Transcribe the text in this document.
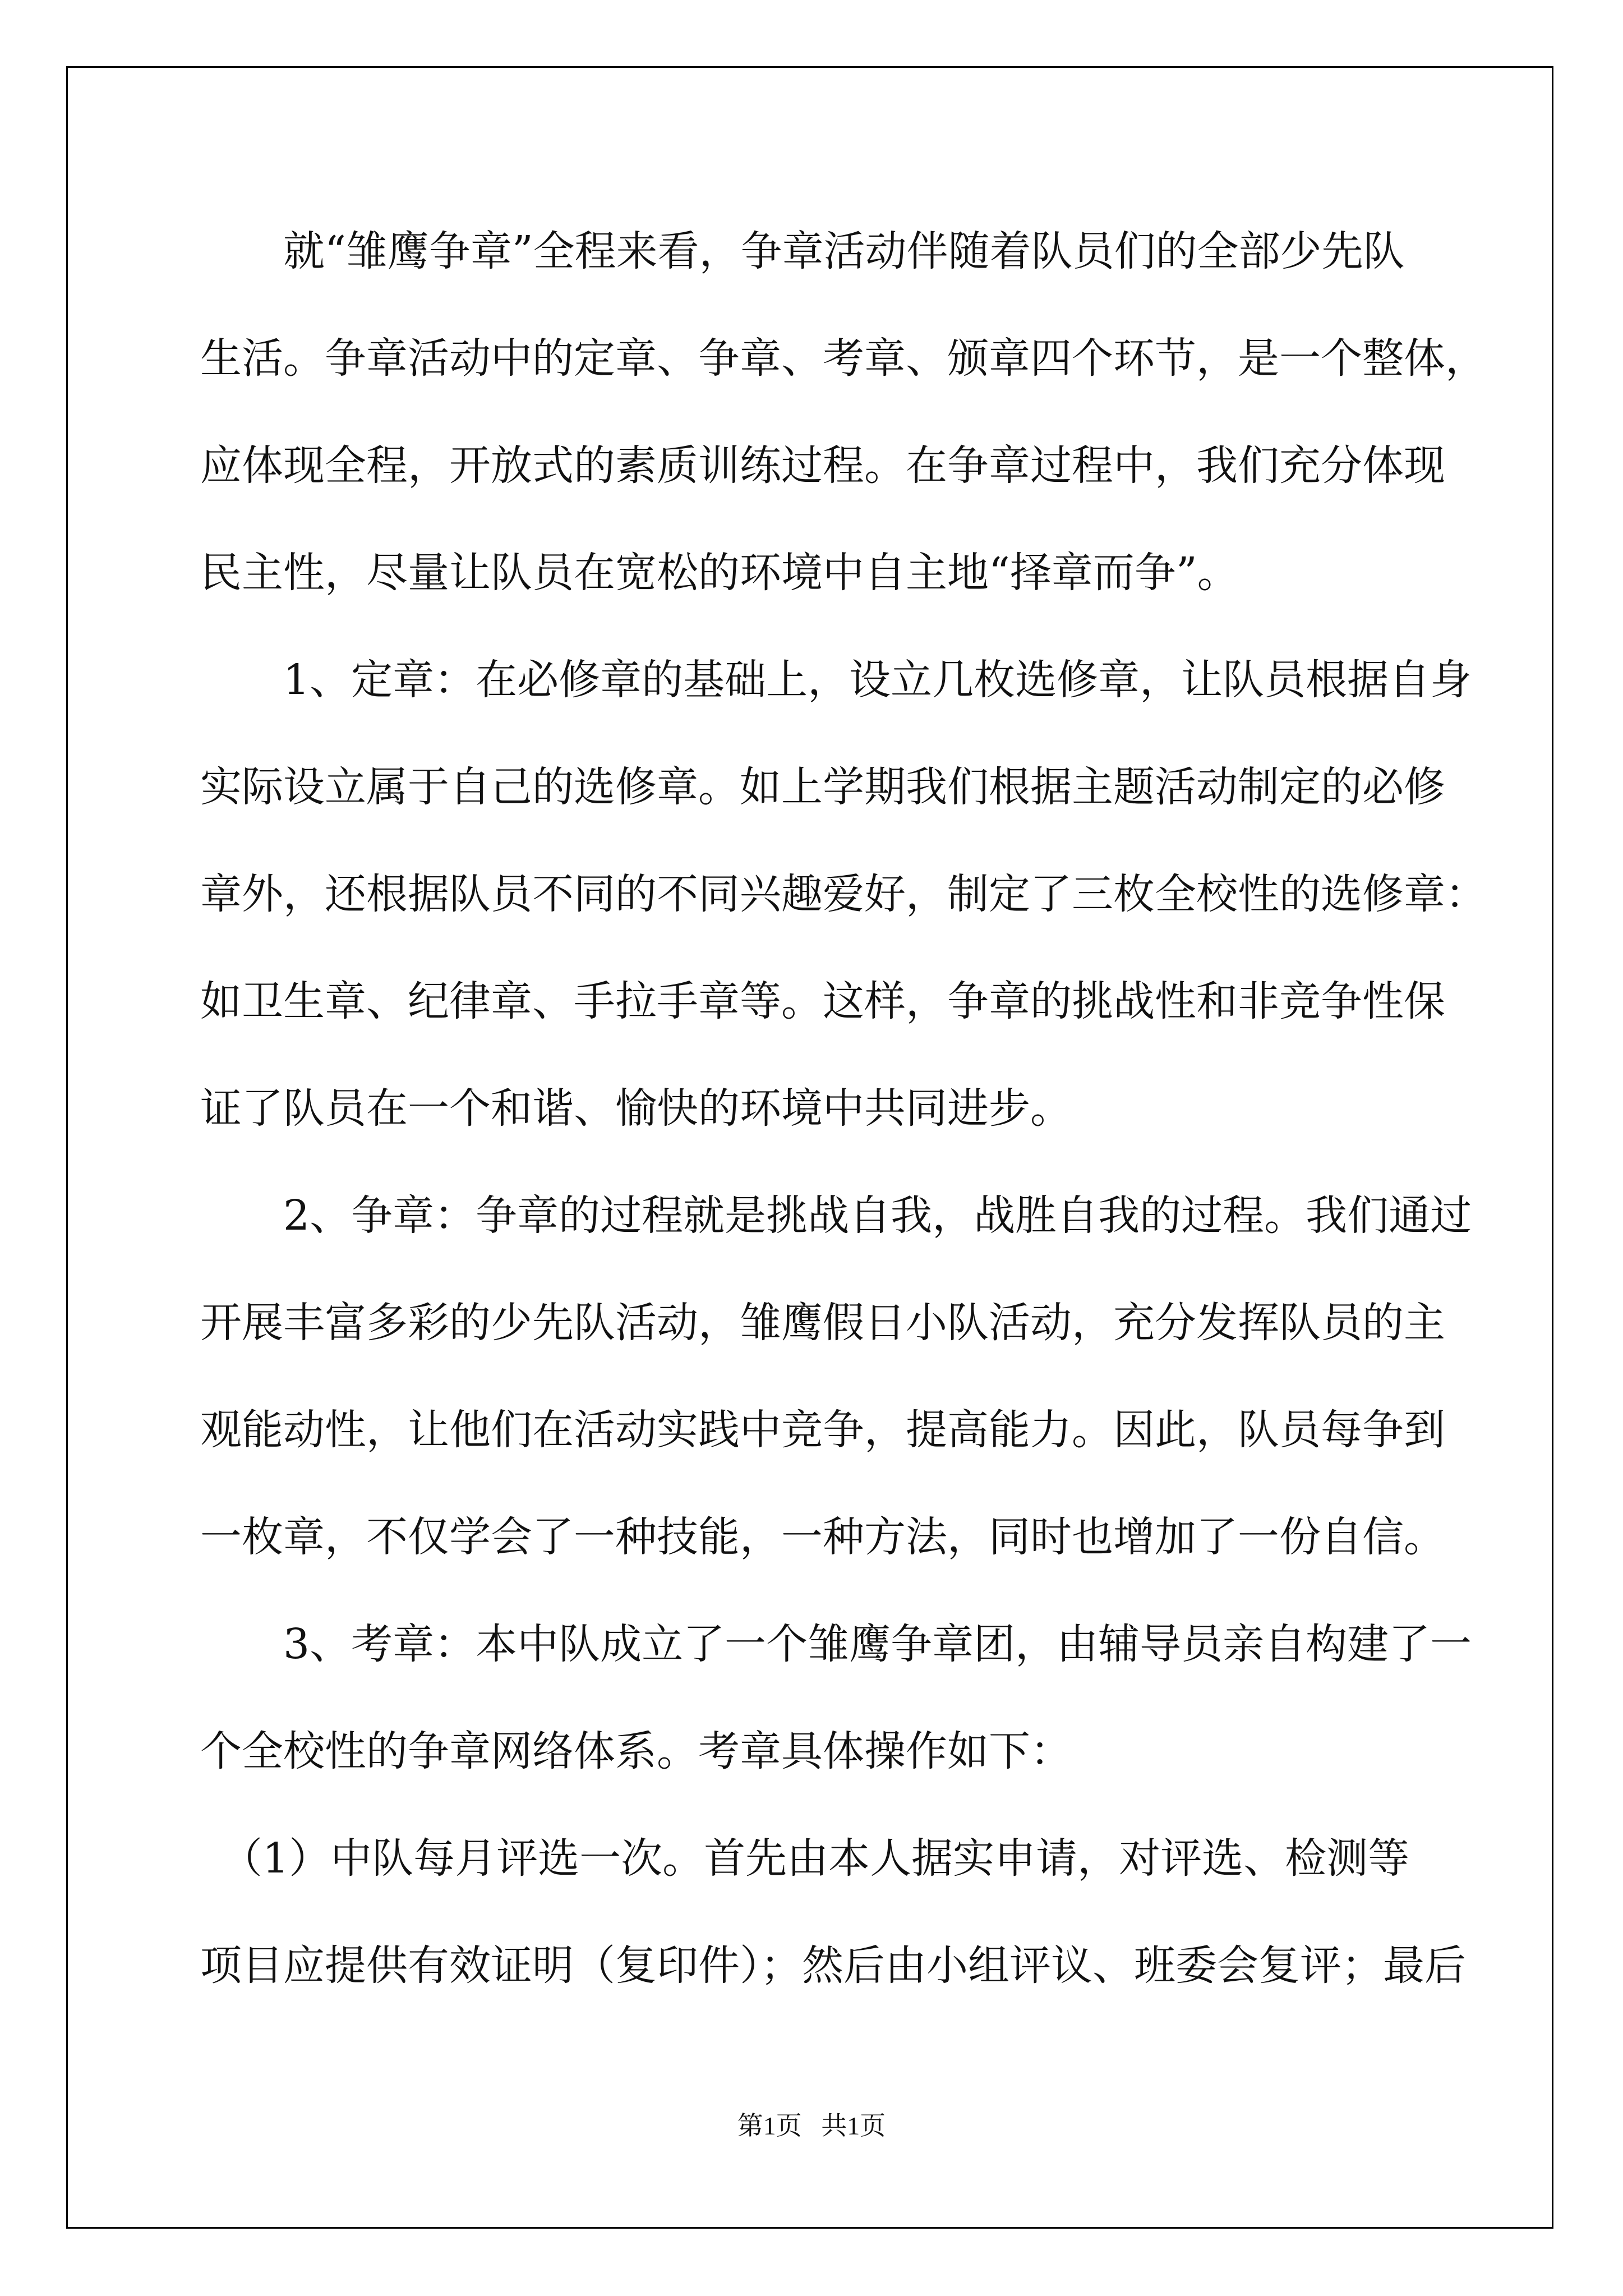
　　就“雏鹰争章”全程来看，争章活动伴随着队员们的全部少先队

生活。争章活动中的定章、争章、考章、颁章四个环节，是一个整体，

应体现全程，开放式的素质训练过程。在争章过程中，我们充分体现

民主性，尽量让队员在宽松的环境中自主地“择章而争”。

　　1、定章：在必修章的基础上，设立几枚选修章，让队员根据自身

实际设立属于自己的选修章。如上学期我们根据主题活动制定的必修

章外，还根据队员不同的不同兴趣爱好，制定了三枚全校性的选修章：

如卫生章、纪律章、手拉手章等。这样，争章的挑战性和非竞争性保

证了队员在一个和谐、愉快的环境中共同进步。

　　2、争章：争章的过程就是挑战自我，战胜自我的过程。我们通过

开展丰富多彩的少先队活动，雏鹰假日小队活动，充分发挥队员的主

观能动性，让他们在活动实践中竞争，提高能力。因此，队员每争到

一枚章，不仅学会了一种技能，一种方法，同时也增加了一份自信。

　　3、考章：本中队成立了一个雏鹰争章团，由辅导员亲自构建了一

个全校性的争章网络体系。考章具体操作如下：

　（1）中队每月评选一次。首先由本人据实申请，对评选、检测等

项目应提供有效证明（复印件）；然后由小组评议、班委会复评；最后

第1页 共1页
